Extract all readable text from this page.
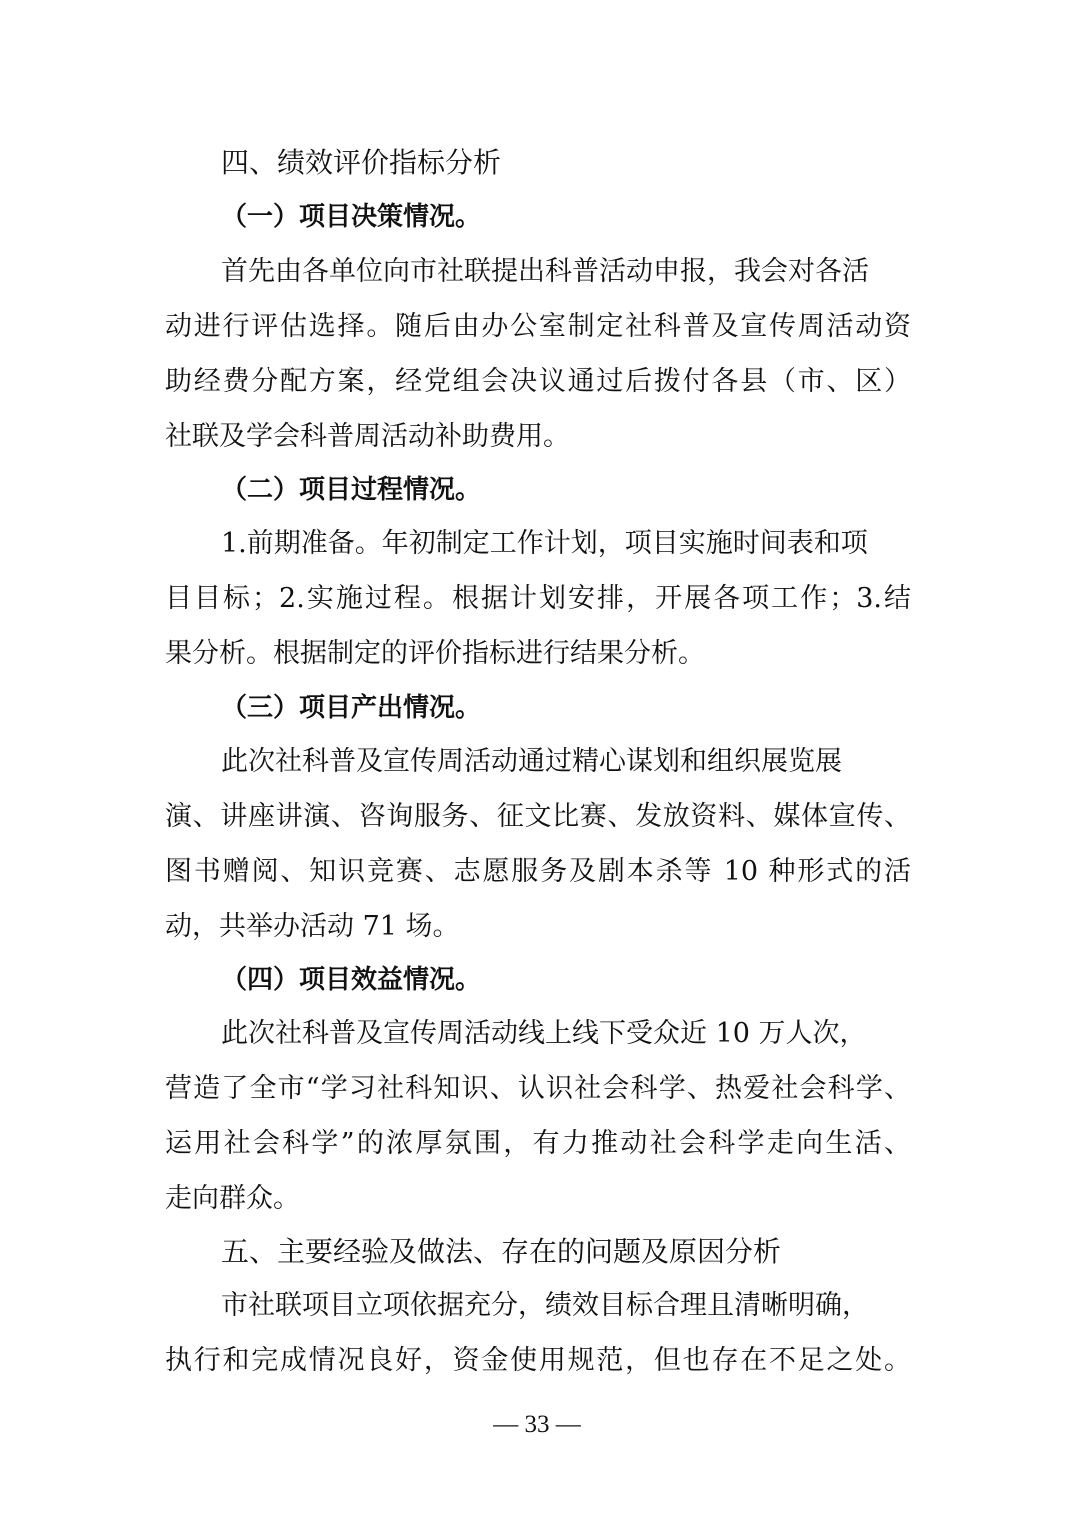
四、绩效评价指标分析
（一）项目决策情况。
首先由各单位向市社联提出科普活动申报，我会对各活
动进行评估选择。随后由办公室制定社科普及宣传周活动资
助经费分配方案，经党组会决议通过后拨付各县（市、区）
社联及学会科普周活动补助费用。
（二）项目过程情况。
1.前期准备。年初制定工作计划，项目实施时间表和项
目目标；2.实施过程。根据计划安排，开展各项工作；3.结
果分析。根据制定的评价指标进行结果分析。
（三）项目产出情况。
此次社科普及宣传周活动通过精心谋划和组织展览展
演、讲座讲演、咨询服务、征文比赛、发放资料、媒体宣传、
图书赠阅、知识竞赛、志愿服务及剧本杀等 10 种形式的活
动，共举办活动 71 场。
（四）项目效益情况。
此次社科普及宣传周活动线上线下受众近 10 万人次，
营造了全市“学习社科知识、认识社会科学、热爱社会科学、
运用社会科学”的浓厚氛围，有力推动社会科学走向生活、
走向群众。
五、主要经验及做法、存在的问题及原因分析
市社联项目立项依据充分，绩效目标合理且清晰明确，
执行和完成情况良好，资金使用规范，但也存在不足之处。
— 33 —
